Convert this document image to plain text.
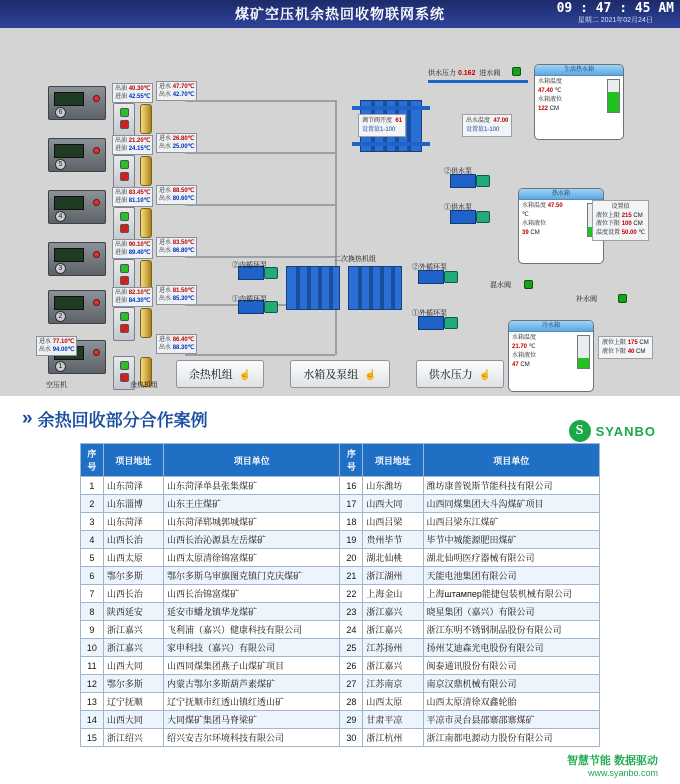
煤矿空压机余热回收物联网系统	09 : 47 : 45 AM
星期二 2021年02月24日
6
出油 40.30℃
进油 42.55℃
进水 47.70℃
出水 42.70℃
5
出油 21.20℃
进油 24.15℃
进水 26.80℃
出水 25.00℃
4
出油 83.45℃
进油 81.10℃
进水 88.50℃
出水 80.60℃
3
出油 90.10℃
进油 89.40℃
进水 83.50℃
出水 86.80℃
2
出油 82.10℃
进油 84.30℃
进水 81.50℃
出水 85.30℃
1
进水 77.10℃
出水 94.00℃
进水 86.40℃
出水 88.30℃
空压机	余热机组
二次换热机组
②内循环泵
①内循环泵
②外循环泵
①外循环泵
②供水泵
①供水泵
调节阀开度 61
设置值1-100
供水压力 0.162 进水阀
出水温度 47.00
设置值1-100
混水阀
补水阀
生活热水箱
水箱温度
47.40 ℃
水箱液位
122 CM
热水箱
水箱温度 47.50
℃
水箱液位
39 CM
设置值
液位上限 215 CM
液位下限 100 CM
温度设置 50.00 ℃
冷水箱
水箱温度
21.70 ℃
水箱液位
47 CM
液位上限 175 CM
液位下限 40 CM
余热机组 ☝	水箱及泵组 ☝	供水压力 ☝
» 余热回收部分合作案例
S SYANBO
序号	项目地址	项目单位	序号	项目地址	项目单位
1	山东菏泽	山东菏泽单县张集煤矿	16	山东潍坊	潍坊康普锐斯节能科技有限公司
2	山东淄博	山东王庄煤矿	17	山西大同	山西同煤集团大斗沟煤矿项目
3	山东菏泽	山东菏泽郓城郭城煤矿	18	山西吕梁	山西吕梁东江煤矿
4	山西长治	山西长治沁源县左岳煤矿	19	贵州毕节	毕节中城能源肥田煤矿
5	山西太原	山西太原清徐锦富煤矿	20	湖北仙桃	湖北仙明医疗器械有限公司
6	鄂尔多斯	鄂尔多斯乌审旗图克镇门克庆煤矿	21	浙江湖州	天能电池集团有限公司
7	山西长治	山西长治锦富煤矿	22	上海金山	上海штампер能捷包装机械有限公司
8	陕西延安	延安市蟠龙镇华龙煤矿	23	浙江嘉兴	晓星集团（嘉兴）有限公司
9	浙江嘉兴	飞利浦（嘉兴）健康科技有限公司	24	浙江嘉兴	浙江东明不锈钢制品股份有限公司
10	浙江嘉兴	家申科技（嘉兴）有限公司	25	江苏扬州	扬州艾迪森光电股份有限公司
11	山西大同	山西同煤集团燕子山煤矿项目	26	浙江嘉兴	闽泰通讯股份有限公司
12	鄂尔多斯	内蒙古鄂尔多斯葫芦素煤矿	27	江苏南京	南京汉鼎机械有限公司
13	辽宁抚顺	辽宁抚顺市红透山镇红透山矿	28	山西太原	山西太原清徐双鑫轮胎
14	山西大同	大同煤矿集团马脊梁矿	29	甘肃平凉	平凉市灵台县邵寨邵寨煤矿
15	浙江绍兴	绍兴安吉尔环境科技有限公司	30	浙江杭州	浙江南都电源动力股份有限公司
智慧节能 数据驱动
www.syanbo.com
